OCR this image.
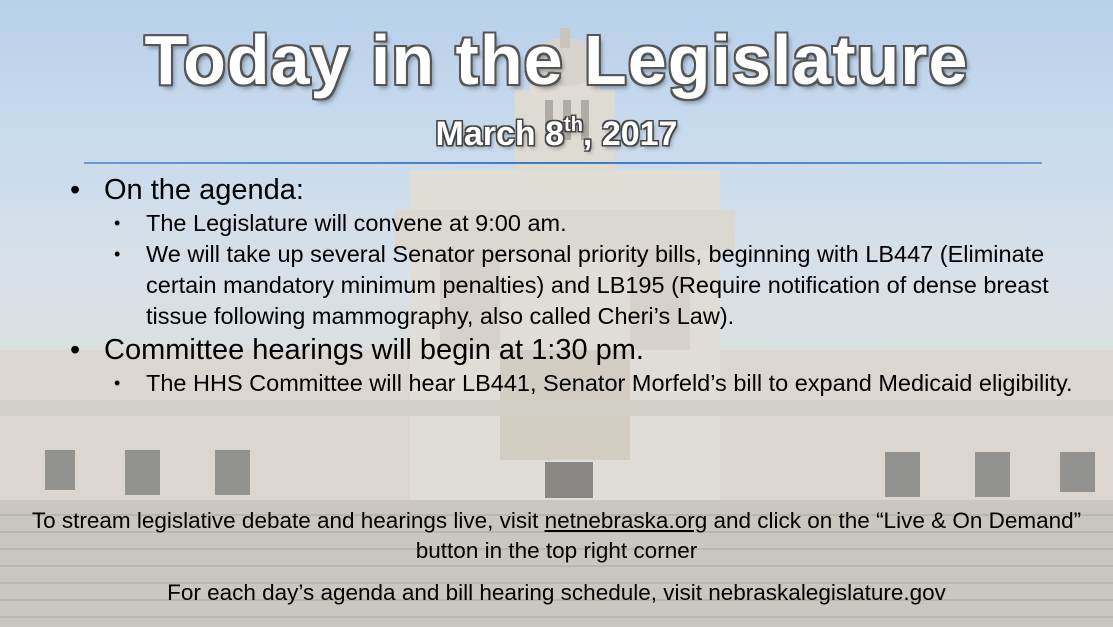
Today in the Legislature
March 8th, 2017

• On the agenda:

•	The Legislature will convene at 9:00 am.

•	We will take up several Senator personal priority bills, beginning with LB447 (Eliminate certain mandatory minimum penalties) and LB195 (Require notification of dense breast tissue following mammography, also called Cheri’s Law).

• Committee hearings will begin at 1:30 pm.

•	The HHS Committee will hear LB441, Senator Morfeld’s bill to expand Medicaid eligibility.

To stream legislative debate and hearings live, visit netnebraska.org and click on the “Live & On Demand” button in the top right corner

For each day’s agenda and bill hearing schedule, visit nebraskalegislature.gov
